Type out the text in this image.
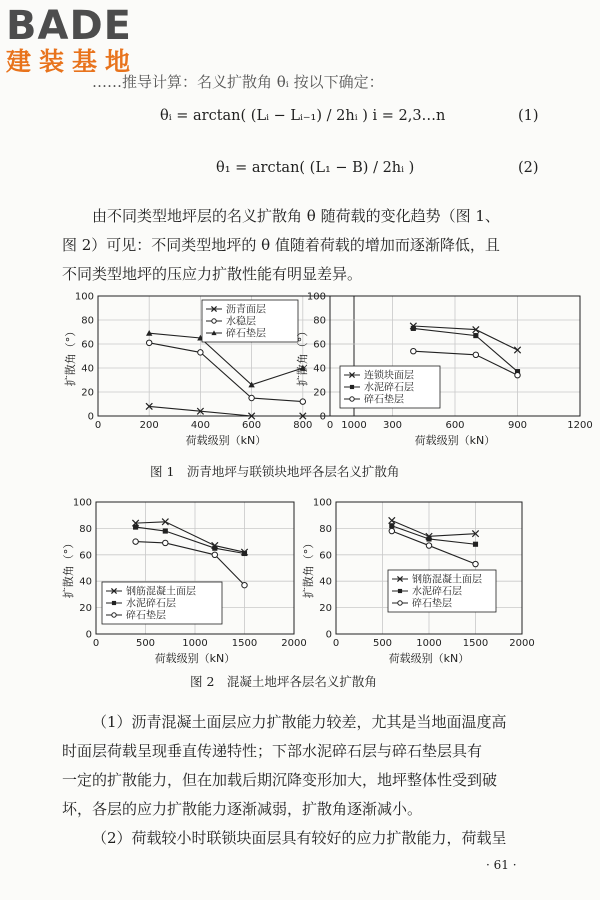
BADE
建装基地
……推导计算：名义扩散角 θᵢ 按以下确定：
θᵢ = arctan( (Lᵢ − Lᵢ₋₁) / 2hᵢ ) i = 2,3…n	(1)
θ₁ = arctan( (L₁ − B) / 2hᵢ )	(2)
由不同类型地坪层的名义扩散角 θ 随荷载的变化趋势（图 1、
图 2）可见：不同类型地坪的 θ 值随着荷载的增加而逐渐降低，且
不同类型地坪的压应力扩散性能有明显差异。
0
20
40
60
80
100
0	200	400	600	800	1000
荷载级别（kN）
扩散角（°）
沥青面层
水稳层
碎石垫层
0
20
40
60
80
100
0	300	600	900	1200
荷载级别（kN）
扩散角（°）	连锁块面层
水泥碎石层
碎石垫层
图 1　沥青地坪与联锁块地坪各层名义扩散角
0
20
40
60
80
100
0	500	1000 1500 2000
荷载级别（kN）
扩散角（°）	钢筋混凝土面层
水泥碎石层
碎石垫层
0
20
40
60
80
100
0	500 1000 1500 2000
荷载级别（kN）
扩散角（°）	钢筋混凝土面层
水泥碎石层
碎石垫层
图 2　混凝土地坪各层名义扩散角
（1）沥青混凝土面层应力扩散能力较差，尤其是当地面温度高
时面层荷载呈现垂直传递特性；下部水泥碎石层与碎石垫层具有
一定的扩散能力，但在加载后期沉降变形加大，地坪整体性受到破
坏，各层的应力扩散能力逐渐减弱，扩散角逐渐减小。
（2）荷载较小时联锁块面层具有较好的应力扩散能力，荷载呈
· 61 ·
